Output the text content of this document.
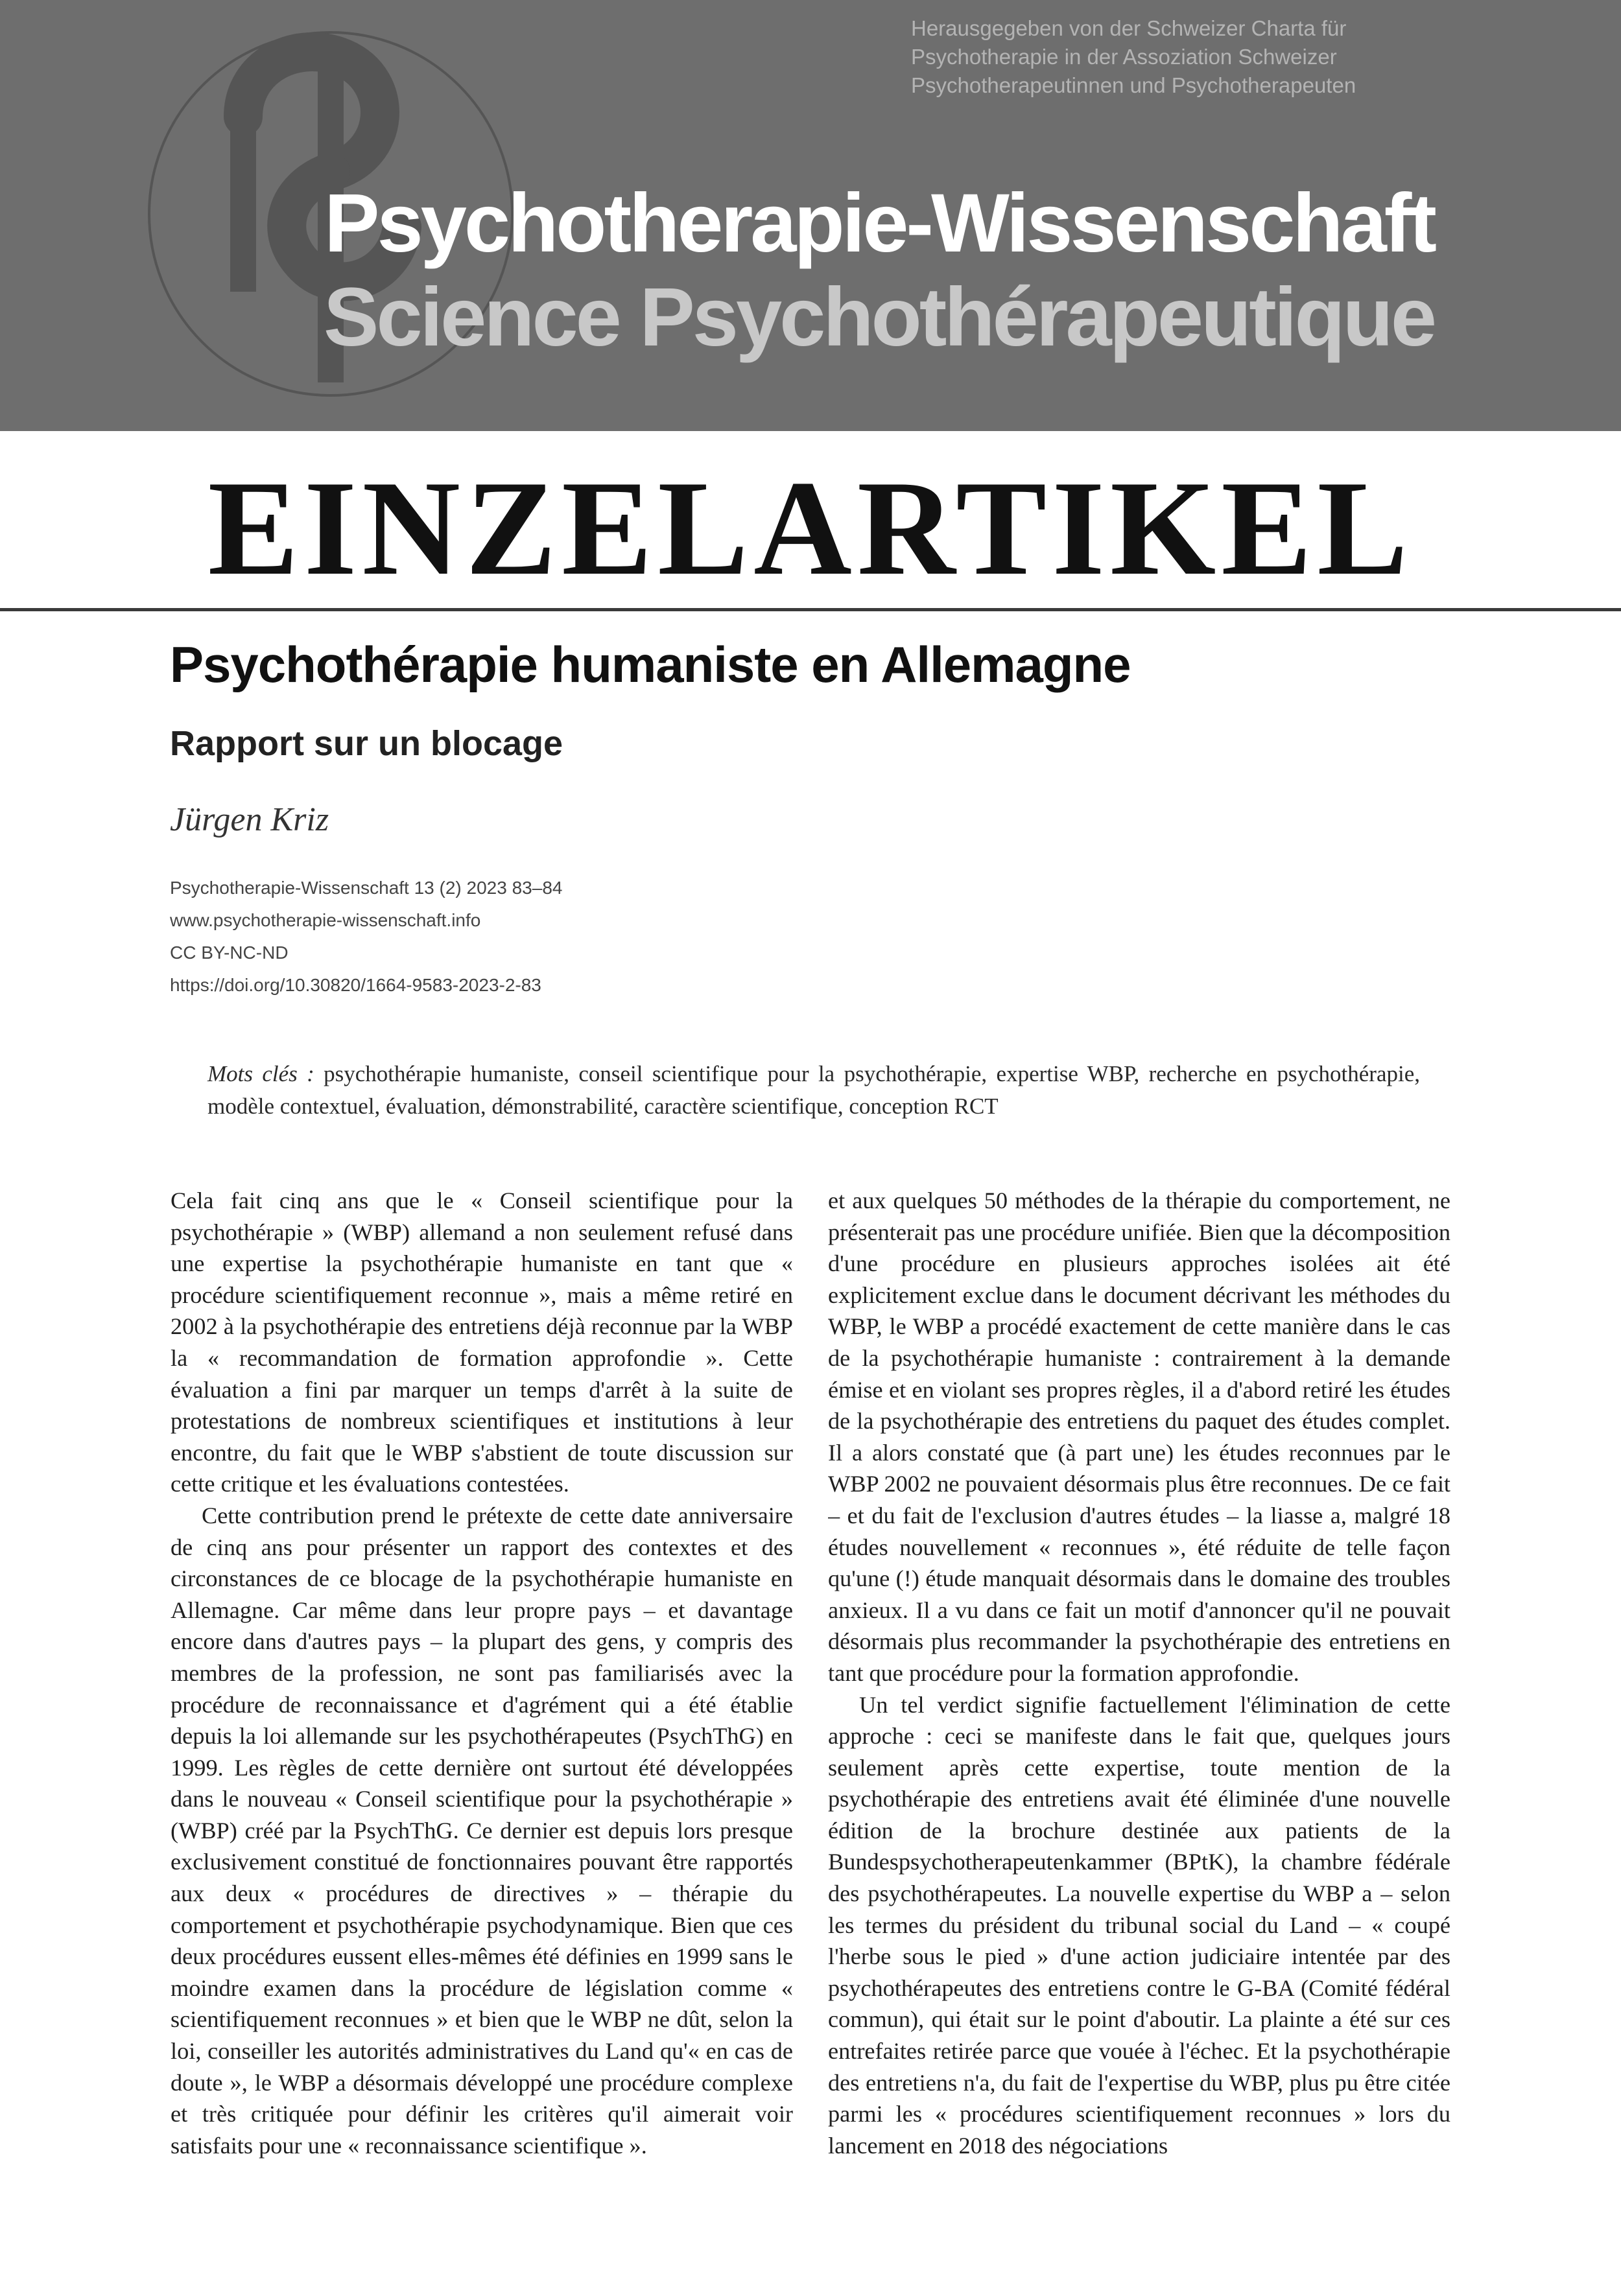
Herausgegeben von der Schweizer Charta für
Psychotherapie in der Assoziation Schweizer
Psychotherapeutinnen und Psychotherapeuten

Psychotherapie-Wissenschaft
Science Psychothérapeutique
EINZELARTIKEL
Psychothérapie humaniste en Allemagne
Rapport sur un blocage

Jürgen Kriz

Psychotherapie-Wissenschaft 13 (2) 2023 83–84
www.psychotherapie-wissenschaft.info
CC BY-NC-ND
https://doi.org/10.30820/1664-9583-2023-2-83

Mots clés : psychothérapie humaniste, conseil scientifique pour la psychothérapie, expertise WBP, recherche en psychothérapie, modèle contextuel, évaluation, démonstrabilité, caractère scientifique, conception RCT

Cela fait cinq ans que le « Conseil scientifique pour la psychothérapie » (WBP) allemand a non seulement refusé dans une expertise la psychothérapie humaniste en tant que « procédure scientifiquement reconnue », mais a même retiré en 2002 à la psychothérapie des entretiens déjà reconnue par la WBP la « recommandation de formation approfondie ». Cette évaluation a fini par marquer un temps d'arrêt à la suite de protestations de nombreux scientifiques et institutions à leur encontre, du fait que le WBP s'abstient de toute discussion sur cette critique et les évaluations contestées.

Cette contribution prend le prétexte de cette date anniversaire de cinq ans pour présenter un rapport des contextes et des circonstances de ce blocage de la psychothérapie humaniste en Allemagne. Car même dans leur propre pays – et davantage encore dans d'autres pays – la plupart des gens, y compris des membres de la profession, ne sont pas familiarisés avec la procédure de reconnaissance et d'agrément qui a été établie depuis la loi allemande sur les psychothérapeutes (PsychThG) en 1999. Les règles de cette dernière ont surtout été développées dans le nouveau « Conseil scientifique pour la psychothérapie » (WBP) créé par la PsychThG. Ce dernier est depuis lors presque exclusivement constitué de fonctionnaires pouvant être rapportés aux deux « procédures de directives » – thérapie du comportement et psychothérapie psychodynamique. Bien que ces deux procédures eussent elles-mêmes été définies en 1999 sans le moindre examen dans la procédure de législation comme « scientifiquement reconnues » et bien que le WBP ne dût, selon la loi, conseiller les autorités administratives du Land qu'« en cas de doute », le WBP a désormais développé une procédure complexe et très critiquée pour définir les critères qu'il aimerait voir satisfaits pour une « reconnaissance scientifique ».

et aux quelques 50 méthodes de la thérapie du comportement, ne présenterait pas une procédure unifiée. Bien que la décomposition d'une procédure en plusieurs approches isolées ait été explicitement exclue dans le document décrivant les méthodes du WBP, le WBP a procédé exactement de cette manière dans le cas de la psychothérapie humaniste : contrairement à la demande émise et en violant ses propres règles, il a d'abord retiré les études de la psychothérapie des entretiens du paquet des études complet. Il a alors constaté que (à part une) les études reconnues par le WBP 2002 ne pouvaient désormais plus être reconnues. De ce fait – et du fait de l'exclusion d'autres études – la liasse a, malgré 18 études nouvellement « reconnues », été réduite de telle façon qu'une (!) étude manquait désormais dans le domaine des troubles anxieux. Il a vu dans ce fait un motif d'annoncer qu'il ne pouvait désormais plus recommander la psychothérapie des entretiens en tant que procédure pour la formation approfondie.

Un tel verdict signifie factuellement l'élimination de cette approche : ceci se manifeste dans le fait que, quelques jours seulement après cette expertise, toute mention de la psychothérapie des entretiens avait été éliminée d'une nouvelle édition de la brochure destinée aux patients de la Bundespsychotherapeutenkammer (BPtK), la chambre fédérale des psychothérapeutes. La nouvelle expertise du WBP a – selon les termes du président du tribunal social du Land – « coupé l'herbe sous le pied » d'une action judiciaire intentée par des psychothérapeutes des entretiens contre le G-BA (Comité fédéral commun), qui était sur le point d'aboutir. La plainte a été sur ces entrefaites retirée parce que vouée à l'échec. Et la psychothérapie des entretiens n'a, du fait de l'expertise du WBP, plus pu être citée parmi les « procédures scientifiquement reconnues » lors du lancement en 2018 des négociations
